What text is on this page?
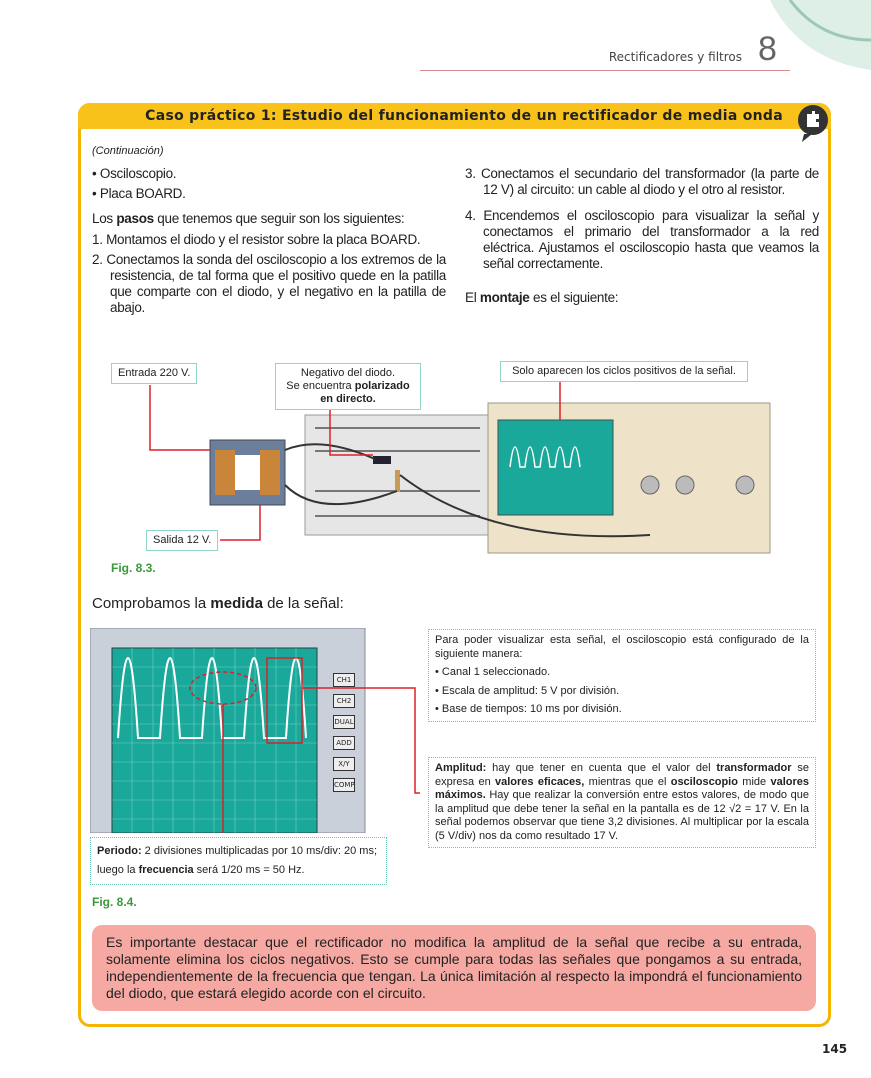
Rectificadores y filtros 8
Caso práctico 1: Estudio del funcionamiento de un rectificador de media onda
(Continuación)

• Osciloscopio.

• Placa BOARD.

Los pasos que tenemos que seguir son los siguientes:

1. Montamos el diodo y el resistor sobre la placa BOARD.

2. Conectamos la sonda del osciloscopio a los extremos de la resistencia, de tal forma que el positivo quede en la patilla que comparte con el diodo, y el negativo en la patilla de abajo.

3. Conectamos el secundario del transformador (la parte de 12 V) al circuito: un cable al diodo y el otro al resistor.

4. Encendemos el osciloscopio para visualizar la señal y conectamos el primario del transformador a la red eléctrica. Ajustamos el osciloscopio hasta que veamos la señal correctamente.

El montaje es el siguiente:

Entrada 220 V.	Negativo del diodo.
Se encuentra polarizado en directo.
Solo aparecen los ciclos positivos de la señal.
Salida 12 V.
Fig. 8.3.
Comprobamos la medida de la señal:
CH1
CH2
DUAL
ADD
X/Y
COMP

Para poder visualizar esta señal, el osciloscopio está configurado de la siguiente manera:

• Canal 1 seleccionado.

• Escala de amplitud: 5 V por división.

• Base de tiempos: 10 ms por división.

Amplitud: hay que tener en cuenta que el valor del transformador se expresa en valores eficaces, mientras que el osciloscopio mide valores máximos. Hay que realizar la conversión entre estos valores, de modo que la amplitud que debe tener la señal en la pantalla es de 12 √2 = 17 V. En la señal podemos observar que tiene 3,2 divisiones. Al multiplicar por la escala (5 V/div) nos da como resultado 17 V.
Periodo: 2 divisiones multiplicadas por 10 ms/div: 20 ms;
luego la frecuencia será 1/20 ms = 50 Hz.
Fig. 8.4.
Es importante destacar que el rectificador no modifica la amplitud de la señal que recibe a su entrada, solamente elimina los ciclos negativos. Esto se cumple para todas las señales que pongamos a su entrada, independientemente de la frecuencia que tengan. La única limitación al respecto la impondrá el funcionamiento del diodo, que estará elegido acorde con el circuito.
145
